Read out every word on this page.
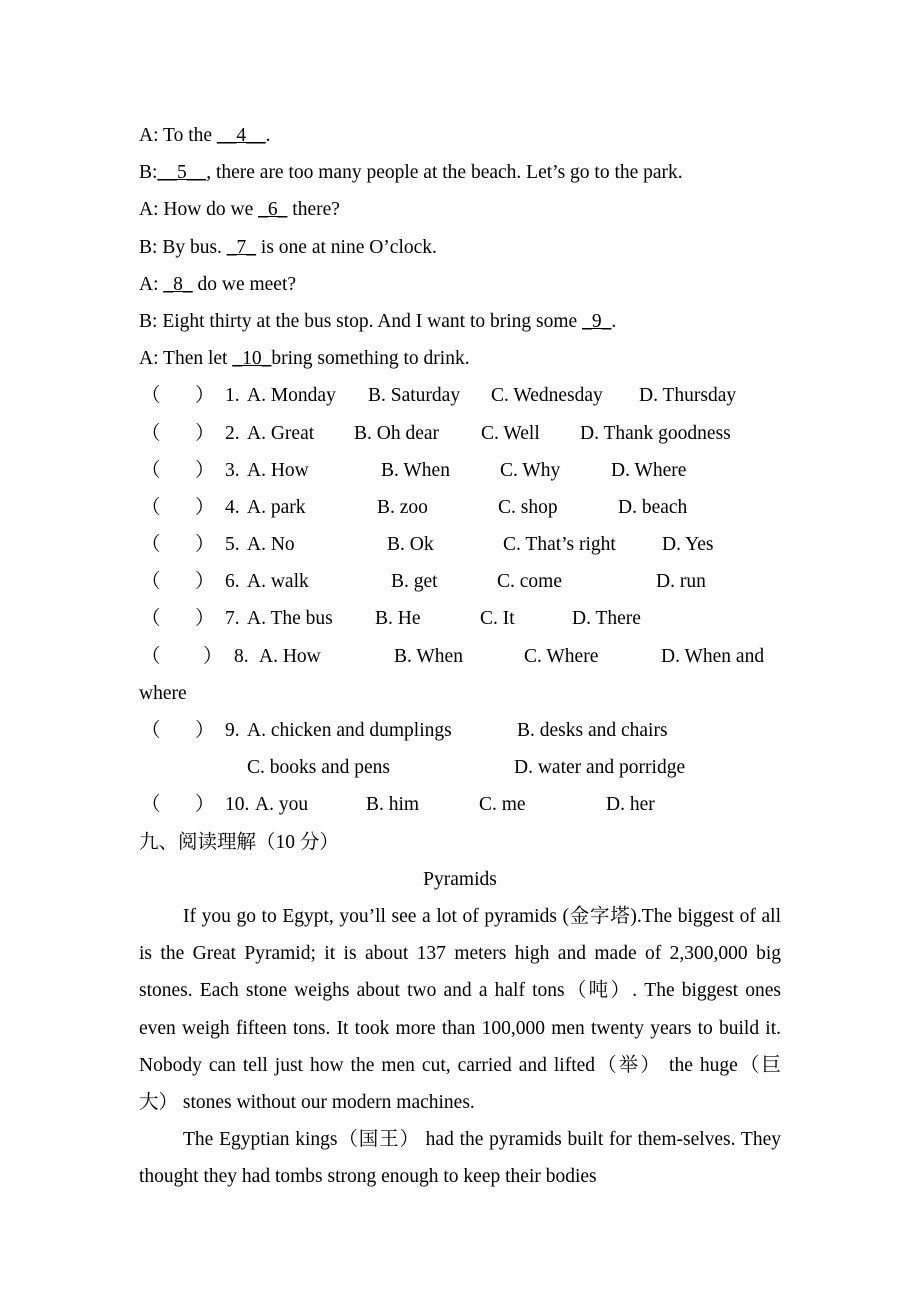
A: To the __4__.
B:__5__, there are too many people at the beach. Let’s go to the park.
A: How do we _6_ there?
B: By bus. _7_ is one at nine O’clock.
A: _8_ do we meet?
B: Eight thirty at the bus stop. And I want to bring some _9_.
A: Then let _10_bring something to drink.
（ ） 1. A. Monday B. Saturday C. Wednesday D. Thursday
（ ） 2. A. Great B. Oh dear C. Well D. Thank goodness
（ ） 3. A. How	B. When	C. Why	D. Where
（ ） 4. A. park	B. zoo	C. shop	D. beach
（ ） 5. A. No	B. Ok	C. That’s right D. Yes
（ ） 6. A. walk	B. get	C. come	D. run
（ ） 7. A. The bus B. He	C. It	D. There
（ ） 8. A. How	B. When	C. Where	D. When and
where
（ ） 9. A. chicken and dumplings	B. desks and chairs
C. books and pens	D. water and porridge
（ ） 10. A. you	B. him	C. me	D. her
九、阅读理解（10 分）
Pyramids
If you go to Egypt, you’ll see a lot of pyramids (金字塔).The biggest of all is the Great Pyramid; it is about 137 meters high and made of 2,300,000 big stones. Each stone weighs about two and a half tons（吨）. The biggest ones even weigh fifteen tons. It took more than 100,000 men twenty years to build it. Nobody can tell just how the men cut, carried and lifted（举） the huge（巨大） stones without our modern machines.
The Egyptian kings（国王） had the pyramids built for them-selves. They thought they had tombs strong enough to keep their bodies
